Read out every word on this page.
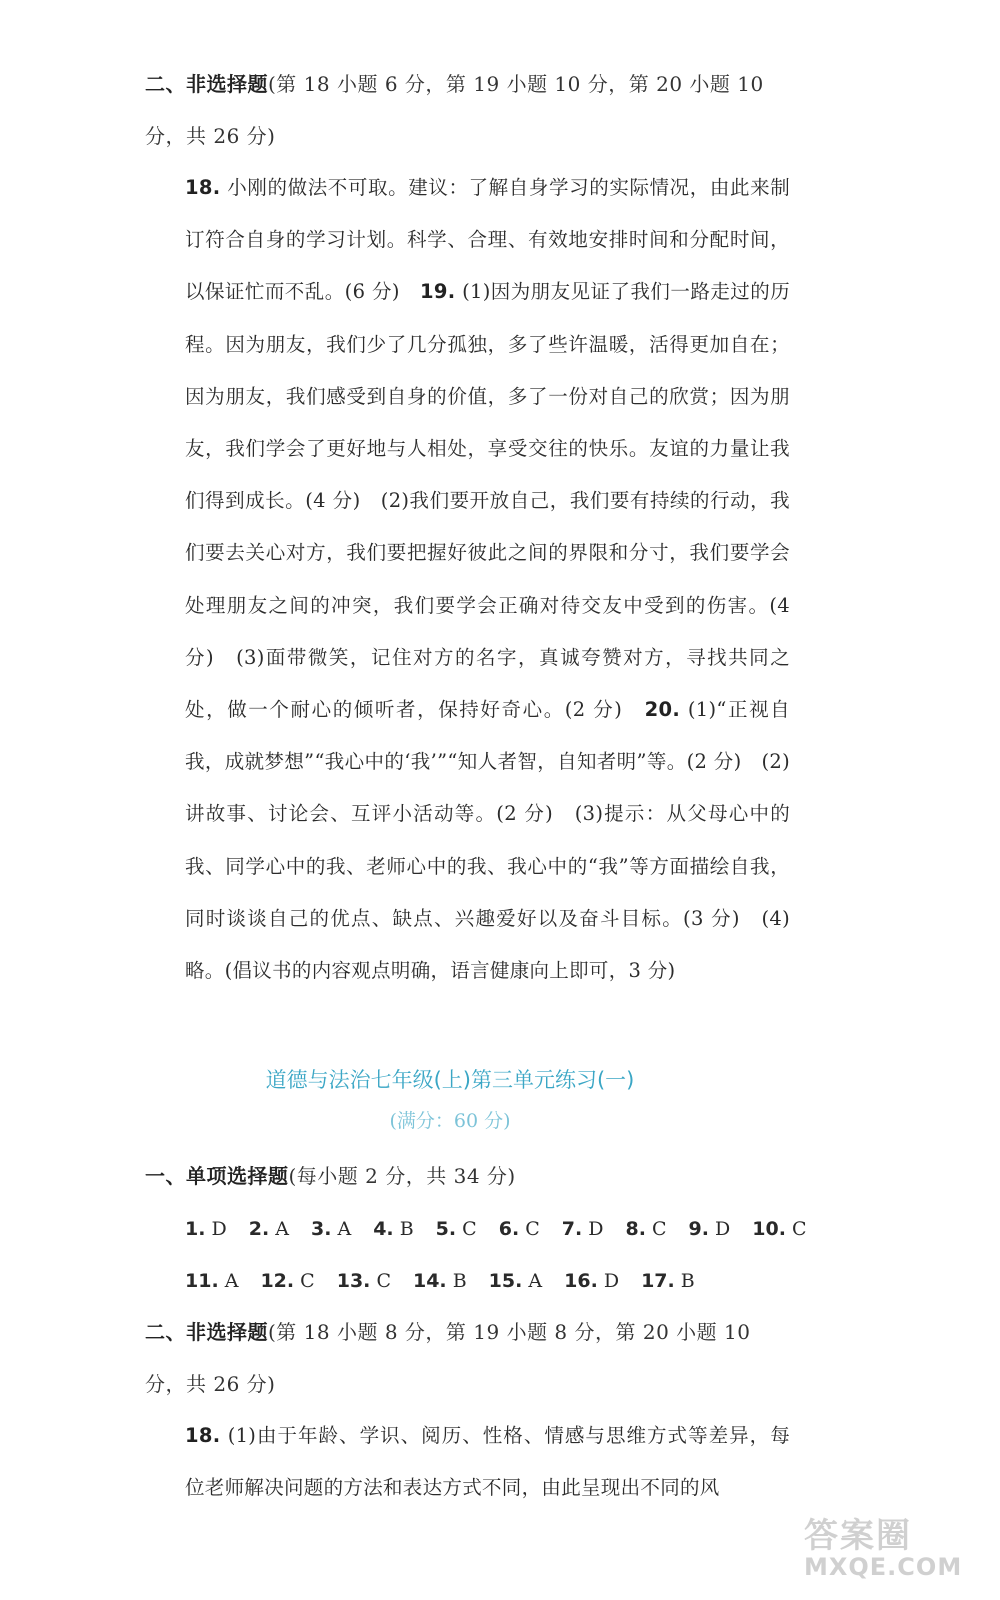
二、非选择题(第 18 小题 6 分，第 19 小题 10 分，第 20 小题 10 分，共 26 分)

18. 小刚的做法不可取。建议：了解自身学习的实际情况，由此来制订符合自身的学习计划。科学、合理、有效地安排时间和分配时间，以保证忙而不乱。(6 分)　 19. (1)因为朋友见证了我们一路走过的历程。因为朋友，我们少了几分孤独，多了些许温暖，活得更加自在；因为朋友，我们感受到自身的价值，多了一份对自己的欣赏；因为朋友，我们学会了更好地与人相处，享受交往的快乐。友谊的力量让我们得到成长。(4 分)　(2)我们要开放自己，我们要有持续的行动，我们要去关心对方，我们要把握好彼此之间的界限和分寸，我们要学会处理朋友之间的冲突，我们要学会正确对待交友中受到的伤害。(4 分)　(3)面带微笑，记住对方的名字，真诚夸赞对方，寻找共同之处，做一个耐心的倾听者，保持好奇心。(2 分)　 20. (1)“正视自我，成就梦想”“我心中的‘我’”“知人者智，自知者明”等。(2 分)　(2)讲故事、讨论会、互评小活动等。(2 分)　(3)提示：从父母心中的我、同学心中的我、老师心中的我、我心中的“我”等方面描绘自我，同时谈谈自己的优点、缺点、兴趣爱好以及奋斗目标。(3 分)　(4)略。(倡议书的内容观点明确，语言健康向上即可，3 分)

道德与法治七年级(上)第三单元练习(一)

(满分：60 分)

一、单项选择题(每小题 2 分，共 34 分)

1. D 2. A 3. A 4. B 5. C 6. C 7. D 8. C 9. D 10. C

11. A 12. C 13. C 14. B 15. A 16. D 17. B

二、非选择题(第 18 小题 8 分，第 19 小题 8 分，第 20 小题 10 分，共 26 分)

18. (1)由于年龄、学识、阅历、性格、情感与思维方式等差异，每位老师解决问题的方法和表达方式不同，由此呈现出不同的风

答案圈
MXQE.COM
